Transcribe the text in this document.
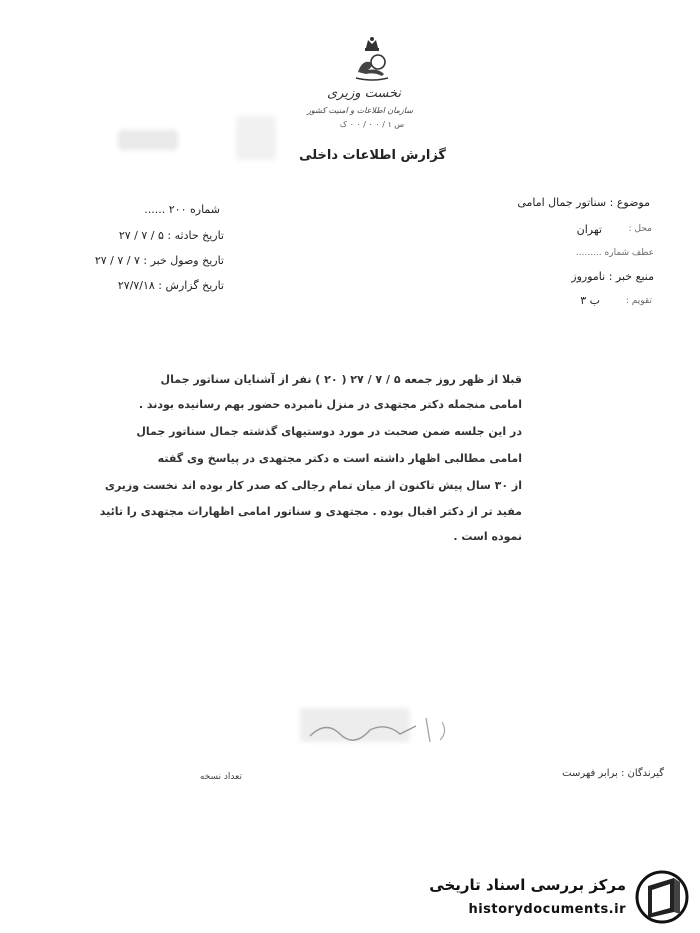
نخست وزیری
سازمان اطلاعات و امنیت کشور
س ۱ / ۰ ۰ / ۰ ۰ ک
گزارش اطلاعات داخلی
موضوع : سناتور جمال امامی
محل :
تهران
عطف شماره .........
منبع خبر : ناموروز
تقویم :
ب ۳
شماره ۲۰۰ ......
تاریخ حادثه : ۵ / ۷ / ۲۷
تاریخ وصول خبر : ۷ / ۷ / ۲۷
تاریخ گزارش : ۲۷/۷/۱۸
قبلا از ظهر روز جمعه ۵ / ۷ / ۲۷ ( ۲۰ ) نفر از آشنایان سناتور جمال
امامی منجمله دکتر مجتهدی در منزل نامبرده حضور بهم رسانیده بودند .
در این جلسه ضمن صحبت در مورد دوستیهای گذشته جمال سناتور جمال
امامی مطالبی اظهار داشته است ه دکتر مجتهدی در پیاسخ وی گفته
از ۳۰ سال پیش تاکنون از میان تمام رجالی که صدر کار بوده اند نخست وزیری
مفید تر از دکتر اقبال بوده . مجتهدی و سناتور امامی اظهارات مجتهدی را تائید
نموده است .
گیرندگان : برابر فهرست
تعداد نسخه
مرکز بررسی اسناد تاریخی
historydocuments.ir
